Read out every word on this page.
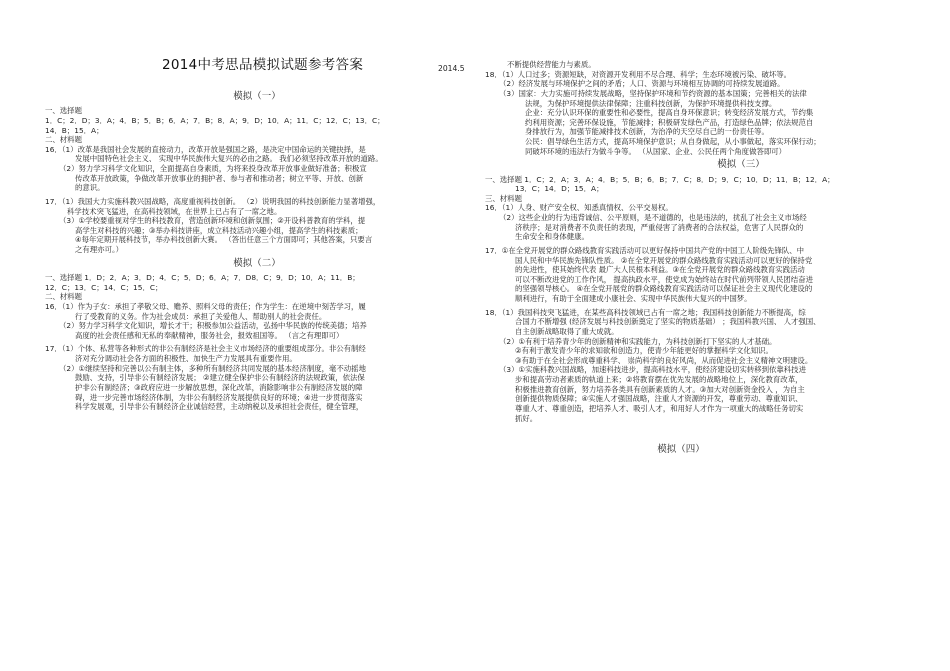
2014中考思品模拟试题参考答案	2014.5
模拟（一）

一、选择题

1．C；2．D；3．A；4．B；5．B；6．A；7．B；8．A；9．D；10．A；11．C；12．C；13．C；

14．B；15．A；

二、材料题

16．（1）改革是我国社会发展的直接动力，改革开放是强国之路，是决定中国命运的关键抉择，是

发展中国特色社会主义、 实现中华民族伟大复兴的必由之路。 我们必须坚持改革开放的道路。

（2）努力学习科学文化知识，全面提高自身素质，为将来投身改革开放事业做好准备；积极宣

传改革开放政策，争做改革开放事业的拥护者、参与者和推动者；树立平等、开放、创新

的意识。

17．（1）我国大力实施科教兴国战略，高度重视科技创新。 （2）说明我国的科技创新能力显著增强，

科学技术突飞猛进，在高科技领域，在世界上已占有了一席之地。

（3）①学校要重视对学生的科技教育，营造创新环境和创新氛围；②开设科普教育的学科，提

高学生对科技的兴趣；③举办科技讲座，成立科技活动兴趣小组，提高学生的科技素质；

④每年定期开展科技节，举办科技创新大赛。 （答出任意三个方面即可；其他答案，只要言

之有理亦可。）

模拟（二）

一、选择题 1．D；2．A；3．D；4．C；5．D；6．A；7．D8．C；9．D；10．A；11．B；

12．C；13．C；14．C；15．C；

二、材料题

16．（1）作为子女：承担了孝敬父母、赡养、照料父母的责任；作为学生：在逆境中刻苦学习，履

行了受教育的义务。作为社会成员：承担了关爱他人、帮助别人的社会责任。

（2）努力学习科学文化知识，增长才干；积极参加公益活动，弘扬中华民族的传统美德；培养

高度的社会责任感和无私的奉献精神，服务社会，报效祖国等。 （言之有理即可）

17．（1）个体、私营等各种形式的非公有制经济是社会主义市场经济的重要组成部分。非公有制经

济对充分调动社会各方面的积极性、加快生产力发展具有重要作用。

（2）①继续坚持和完善以公有制主体，多种所有制经济共同发展的基本经济制度，毫不动摇地

鼓励、支持，引导非公有制经济发展； ②建立健全保护非公有制经济的法规政策，依法保

护非公有制经济；③政府应进一步解放思想，深化改革，消除影响非公有制经济发展的障

碍，进一步完善市场经济体制，为非公有制经济发展提供良好的环境；④进一步贯彻落实

科学发展观，引导非公有制经济企业诚信经营，主动纳税以及承担社会责任，健全管理，

不断提供经营能力与素质。

18．（1）人口过多；资源短缺，对资源开发利用不尽合理、科学；生态环境被污染、破坏等。

（2）经济发展与环境保护之间的矛盾；人口、资源与环境相互协调的可持续发展道路。

（3）国家：大力实施可持续发展战略，坚持保护环境和节约资源的基本国策；完善相关的法律

法规，为保护环境提供法律保障；注重科技创新，为保护环境提供科技支撑。

企业：充分认识环保的重要性和必要性，提高自身环保意识；转变经济发展方式，节约集

约利用资源；完善环保设施，节能减排；积极研发绿色产品，打造绿色品牌；依法规范自

身排放行为，加强节能减排技术创新，为治净的天空尽自己的一份责任等。

公民：倡导绿色生活方式，提高环境保护意识；从自身做起，从小事做起，落实环保行动；

同破坏环境的违法行为做斗争等。 （从国家、企业、公民任两个角度做答即可）

模拟（三）

一、选择题 1．C；2．A；3．A；4．B；5．B；6．B；7．C；8．D；9．C；10．D；11．B；12．A；

13．C；14．D；15．A；

三、材料题

16．（1）人身、财产安全权、知悉真情权、公平交易权。

（2）这些企业的行为违背诚信、公平原则，是不道德的，也是违法的，扰乱了社会主义市场经

济秩序；是对消费者不负责任的表现，严重侵害了消费者的合法权益，危害了人民群众的

生命安全和身体健康。

17．①在全党开展党的群众路线教育实践活动可以更好保持中国共产党的中国工人阶级先锋队、中

国人民和中华民族先锋队性质。 ②在全党开展党的群众路线教育实践活动可以更好的保持党

的先进性，使其始终代表 最广大人民根本利益。③在全党开展党的群众路线教育实践活动

可以不断改进党的工作作风， 提高执政水平，使党成为始终站在时代前列带领人民团结奋进

的坚强领导核心。 ④在全党开展党的群众路线教育实践活动可以保证社会主义现代化建设的

顺利进行，有助于全面建成小康社会、实现中华民族伟大复兴的中国梦。

18．（1）我国科技突飞猛进，在某些高科技领域已占有一席之地；我国科技创新能力不断提高，综

合国力不断增强 (经济发展与科技创新奠定了坚实的物质基础） ；我国科教兴国、 人才强国、

自主创新战略取得了重大成就。

（2）①有利于培养青少年的创新精神和实践能力，为科技创新打下坚实的人才基础。

②有利于激发青少年的求知欲和创造力，使青少年能更好的掌握科学文化知识。

③有助于在全社会形成尊重科学、 崇尚科学的良好风尚，从而促进社会主义精神文明建设。

（3）①实施科教兴国战略，加速科技进步，提高科技水平，使经济建设切实转移到依靠科技进

步和提高劳动者素质的轨道上来；②将教育摆在优先发展的战略地位上，深化教育改革，

积极推进教育创新，努力培养各类具有创新素质的人才。③加大对创新资金投入 ，为自主

创新提供物质保障；④实施人才强国战略，注重人才资源的开发，尊重劳动、尊重知识、

尊重人才、尊重创造，把培养人才、吸引人才，和用好人才作为一项重大的战略任务切实

抓好。

模拟（四）
